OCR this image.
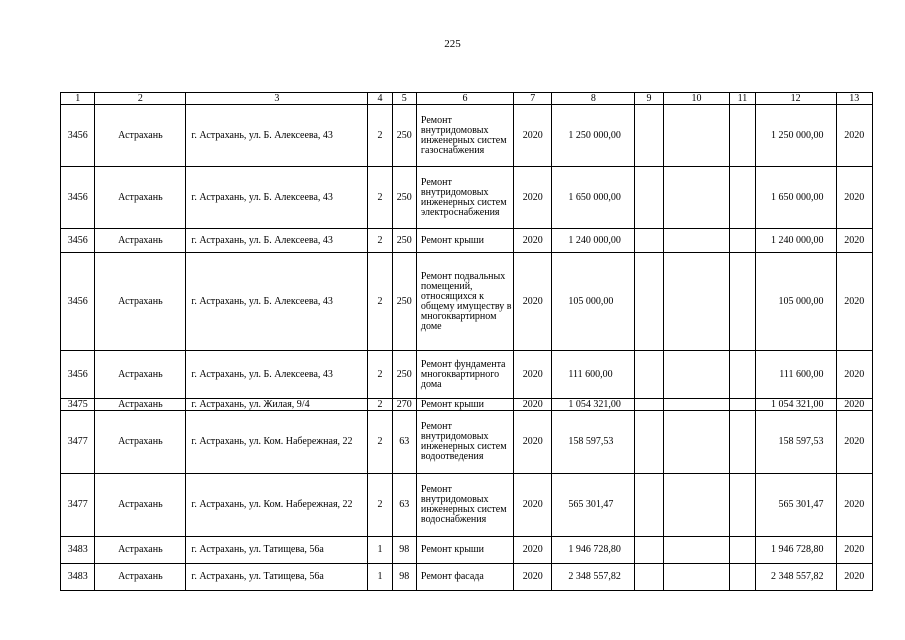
225
1	2	3	4	5	6	7	8	9	10	11	12	13
3456	Астрахань	г. Астрахань, ул. Б. Алексеева, 43	2	250	Ремонт внутридомовых инженерных систем газоснабжения	2020	1 250 000,00				1 250 000,00	2020
3456	Астрахань	г. Астрахань, ул. Б. Алексеева, 43	2	250	Ремонт внутридомовых инженерных систем электроснабжения	2020	1 650 000,00				1 650 000,00	2020
3456	Астрахань	г. Астрахань, ул. Б. Алексеева, 43	2	250	Ремонт крыши	2020	1 240 000,00				1 240 000,00	2020
3456	Астрахань	г. Астрахань, ул. Б. Алексеева, 43	2	250	Ремонт подвальных помещений, относящихся к общему имуществу в многоквартирном доме	2020	105 000,00				105 000,00	2020
3456	Астрахань	г. Астрахань, ул. Б. Алексеева, 43	2	250	Ремонт фундамента многоквартирного дома	2020	111 600,00				111 600,00	2020
3475	Астрахань	г. Астрахань, ул. Жилая, 9/4	2	270	Ремонт крыши	2020	1 054 321,00				1 054 321,00	2020
3477	Астрахань	г. Астрахань, ул. Ком. Набережная, 22	2	63	Ремонт внутридомовых инженерных систем водоотведения	2020	158 597,53				158 597,53	2020
3477	Астрахань	г. Астрахань, ул. Ком. Набережная, 22	2	63	Ремонт внутридомовых инженерных систем водоснабжения	2020	565 301,47				565 301,47	2020
3483	Астрахань	г. Астрахань, ул. Татищева, 56а	1	98	Ремонт крыши	2020	1 946 728,80				1 946 728,80	2020
3483	Астрахань	г. Астрахань, ул. Татищева, 56а	1	98	Ремонт фасада	2020	2 348 557,82				2 348 557,82	2020
